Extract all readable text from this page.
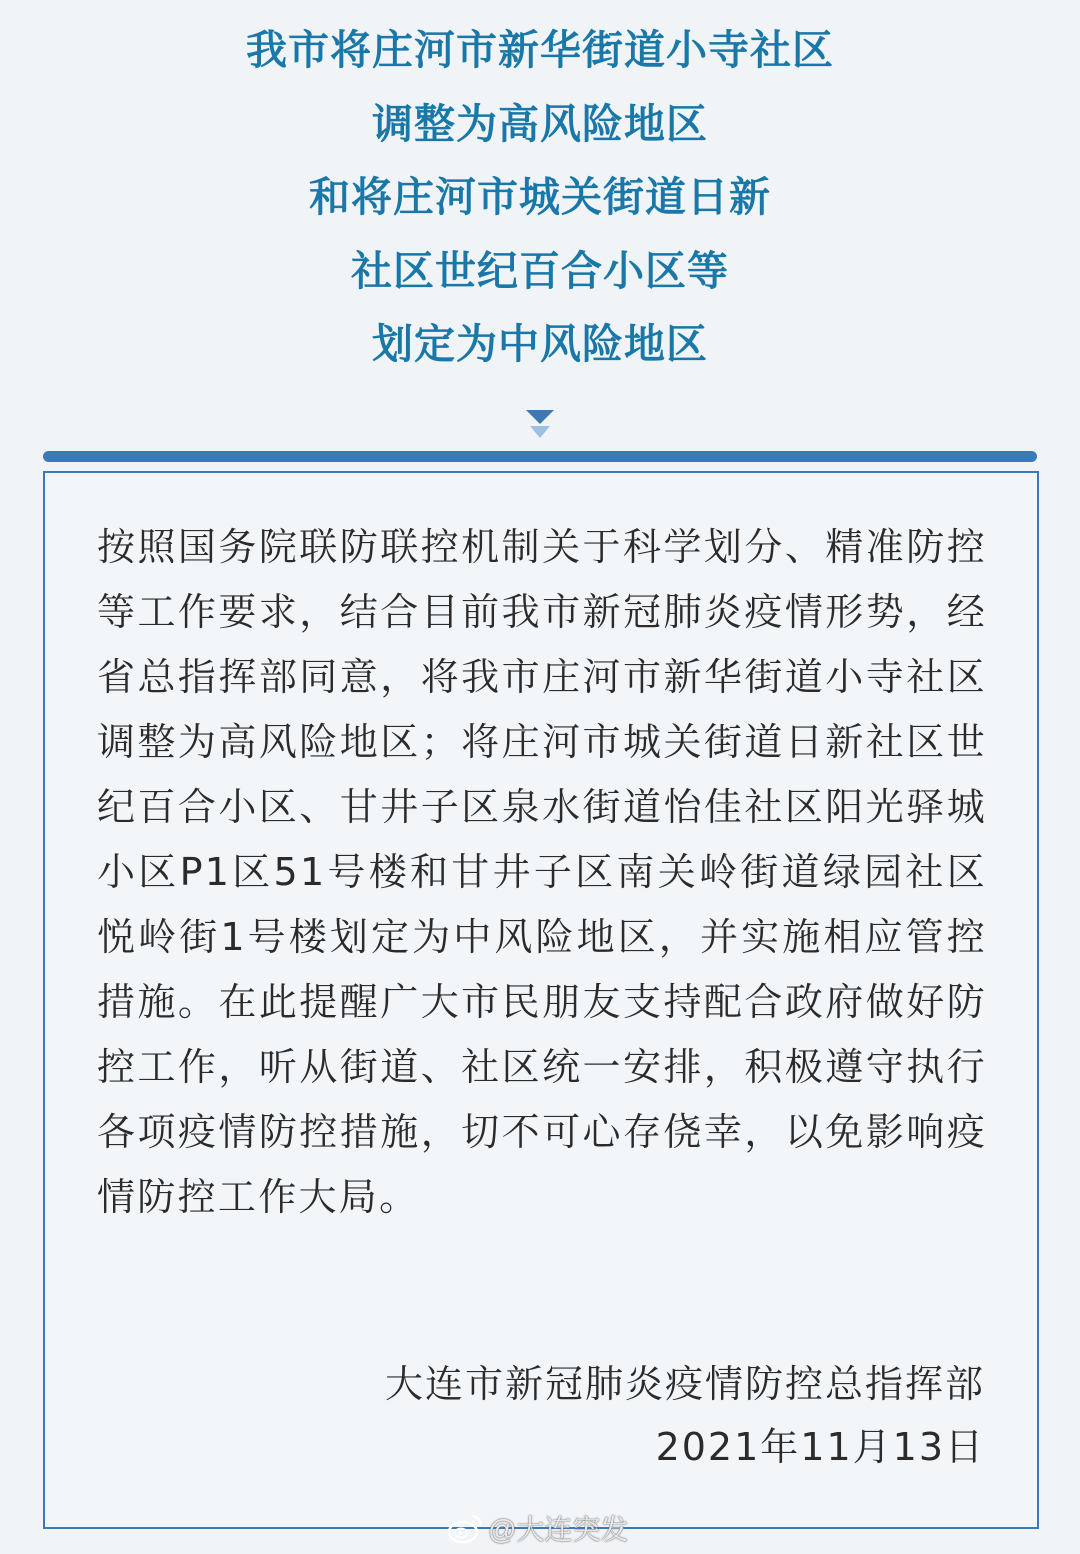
我市将庄河市新华街道小寺社区
调整为高风险地区
和将庄河市城关街道日新
社区世纪百合小区等
划定为中风险地区

按照国务院联防联控机制关于科学划分、精准防控等工作要求，结合目前我市新冠肺炎疫情形势，经省总指挥部同意，将我市庄河市新华街道小寺社区调整为高风险地区；将庄河市城关街道日新社区世纪百合小区、甘井子区泉水街道怡佳社区阳光驿城小区P1区51号楼和甘井子区南关岭街道绿园社区悦岭街1号楼划定为中风险地区，并实施相应管控措施。在此提醒广大市民朋友支持配合政府做好防控工作，听从街道、社区统一安排，积极遵守执行各项疫情防控措施，切不可心存侥幸，以免影响疫情防控工作大局。

大连市新冠肺炎疫情防控总指挥部
2021年11月13日
@大连突发
